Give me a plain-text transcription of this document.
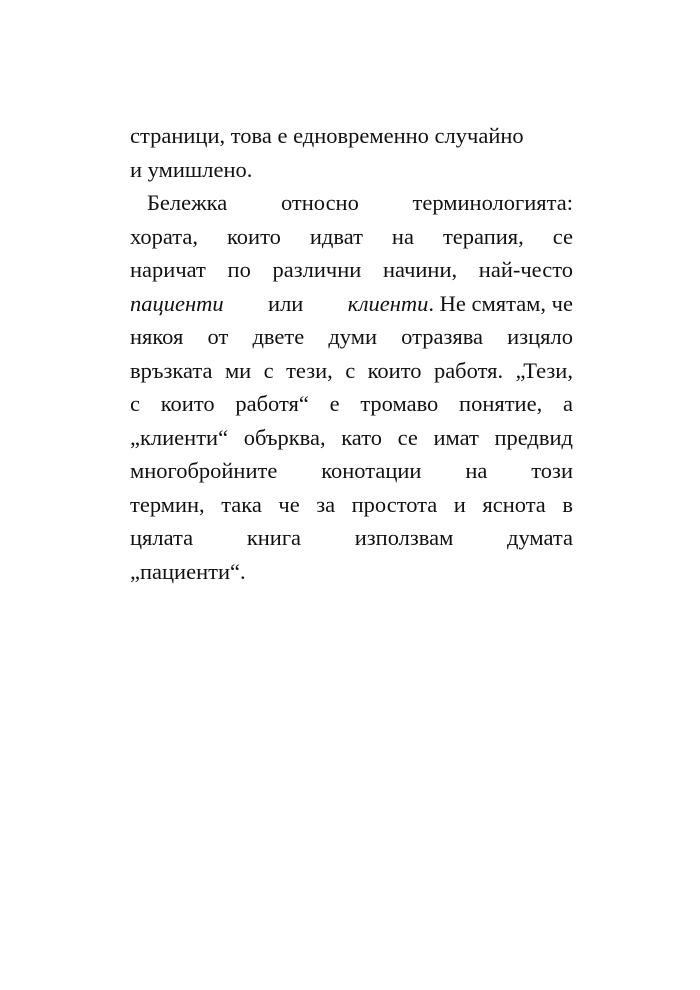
страници, това е едновременно случайно
и умишлено.
Бележка относно терминологията:
хората, които идват на терапия, се
наричат по различни начини, най-често
пациенти или клиенти. Не смятам, че
някоя от двете думи отразява изцяло
връзката ми с тези, с които работя. „Тези,
с които работя“ е тромаво понятие, а
„клиенти“ обърква, като се имат предвид
многобройните конотации на този
термин, така че за простота и яснота в
цялата книга използвам думата
„пациенти“.
